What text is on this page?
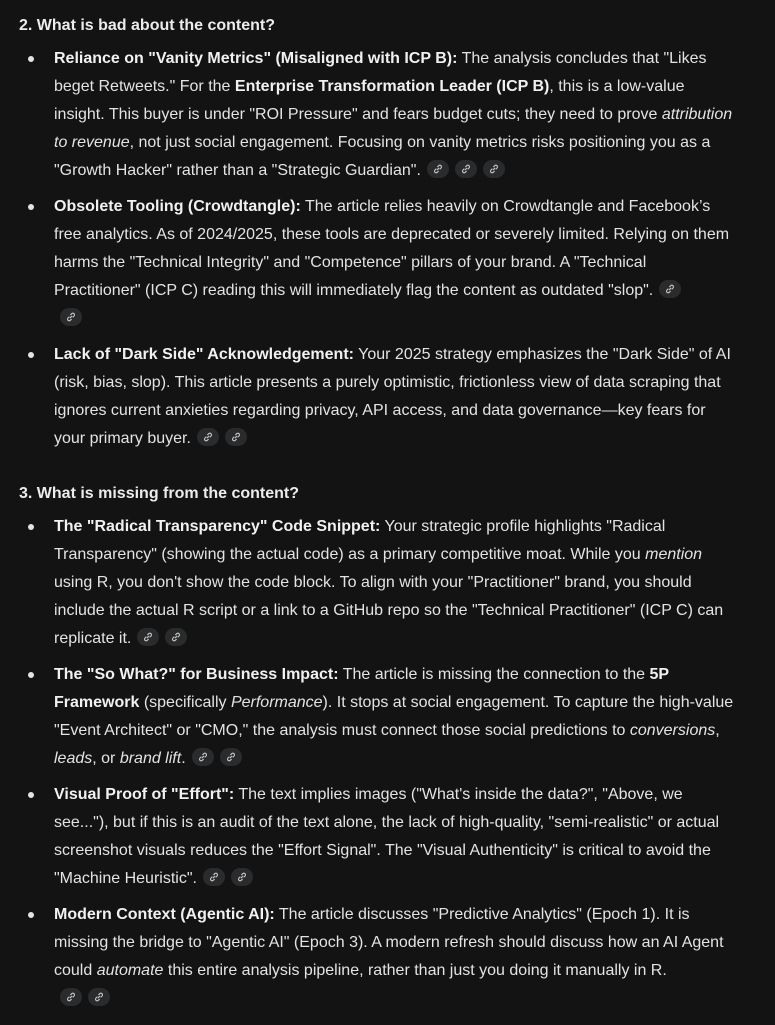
2. What is bad about the content?

Reliance on "Vanity Metrics" (Misaligned with ICP B): The analysis concludes that "Likes beget Retweets." For the Enterprise Transformation Leader (ICP B), this is a low-value insight. This buyer is under "ROI Pressure" and fears budget cuts; they need to prove attribution to revenue, not just social engagement. Focusing on vanity metrics risks positioning you as a "Growth Hacker" rather than a "Strategic Guardian".

Obsolete Tooling (Crowdtangle): The article relies heavily on Crowdtangle and Facebook’s free analytics. As of 2024/2025, these tools are deprecated or severely limited. Relying on them harms the "Technical Integrity" and "Competence" pillars of your brand. A "Technical Practitioner" (ICP C) reading this will immediately flag the content as outdated "slop".

Lack of "Dark Side" Acknowledgement: Your 2025 strategy emphasizes the "Dark Side" of AI (risk, bias, slop). This article presents a purely optimistic, frictionless view of data scraping that ignores current anxieties regarding privacy, API access, and data governance—key fears for your primary buyer.

3. What is missing from the content?

The "Radical Transparency" Code Snippet: Your strategic profile highlights "Radical Transparency" (showing the actual code) as a primary competitive moat. While you mention using R, you don't show the code block. To align with your "Practitioner" brand, you should include the actual R script or a link to a GitHub repo so the "Technical Practitioner" (ICP C) can replicate it.

The "So What?" for Business Impact: The article is missing the connection to the 5P Framework (specifically Performance). It stops at social engagement. To capture the high-value "Event Architect" or "CMO," the analysis must connect those social predictions to conversions, leads, or brand lift.

Visual Proof of "Effort": The text implies images ("What's inside the data?", "Above, we see..."), but if this is an audit of the text alone, the lack of high-quality, "semi-realistic" or actual screenshot visuals reduces the "Effort Signal". The "Visual Authenticity" is critical to avoid the "Machine Heuristic".

Modern Context (Agentic AI): The article discusses "Predictive Analytics" (Epoch 1). It is missing the bridge to "Agentic AI" (Epoch 3). A modern refresh should discuss how an AI Agent could automate this entire analysis pipeline, rather than just you doing it manually in R.
